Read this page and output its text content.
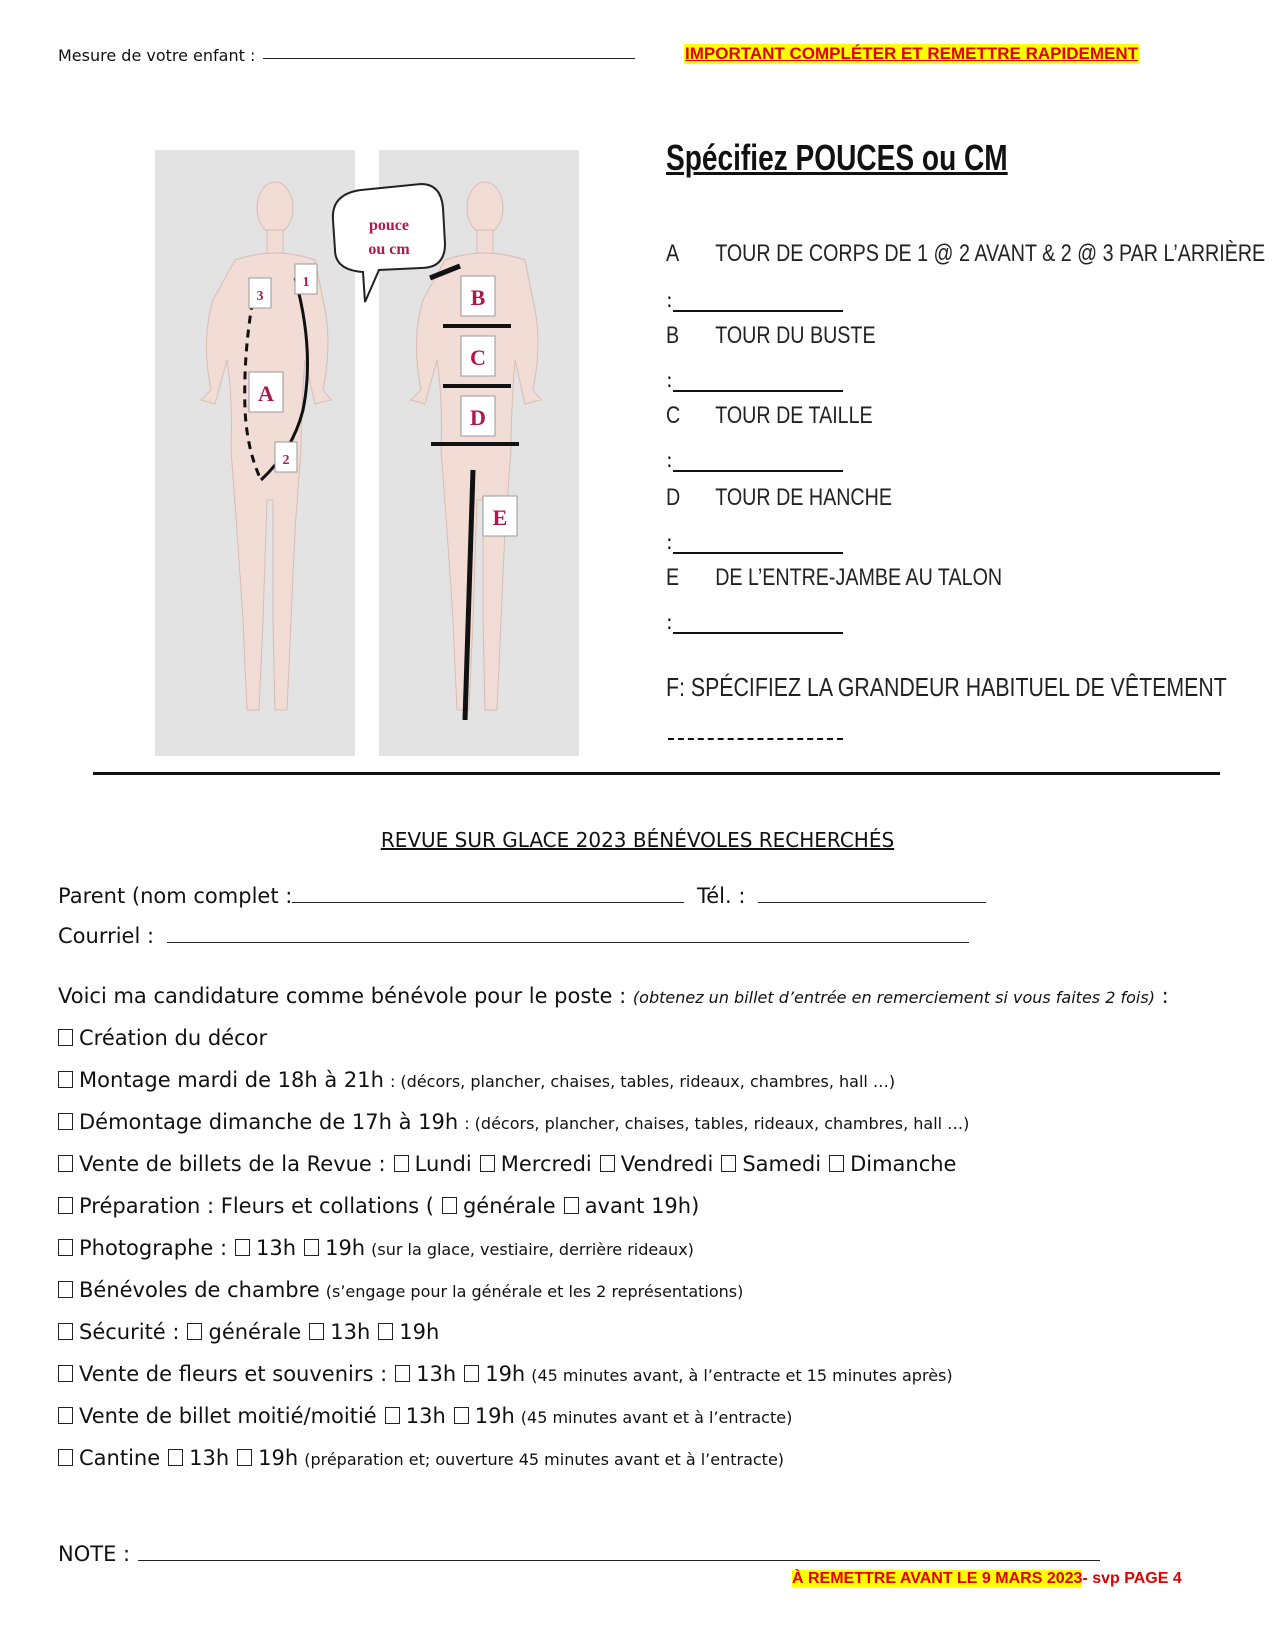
Mesure de votre enfant :	IMPORTANT COMPLÉTER ET REMETTRE RAPIDEMENT
pouce
ou cm
3
1
A
2
B
C
D
E
Spécifiez POUCES ou CM
A TOUR DE CORPS DE 1 @ 2 AVANT & 2 @ 3 PAR L’ARRIÈRE
:
B TOUR DU BUSTE
:
C TOUR DE TAILLE
:
D TOUR DE HANCHE
:
E DE L’ENTRE-JAMBE AU TALON
:
F: SPÉCIFIEZ LA GRANDEUR HABITUEL DE VÊTEMENT
REVUE SUR GLACE 2023 BÉNÉVOLES RECHERCHÉS
Parent (nom complet :	Tél. :
Courriel :
Voici ma candidature comme bénévole pour le poste : (obtenez un billet d’entrée en remerciement si vous faites 2 fois) :
Création du décor
Montage mardi de 18h à 21h : (décors, plancher, chaises, tables, rideaux, chambres, hall …)
Démontage dimanche de 17h à 19h : (décors, plancher, chaises, tables, rideaux, chambres, hall …)
Vente de billets de la Revue : Lundi Mercredi Vendredi Samedi Dimanche
Préparation : Fleurs et collations ( générale avant 19h)
Photographe : 13h 19h (sur la glace, vestiaire, derrière rideaux)
Bénévoles de chambre (s’engage pour la générale et les 2 représentations)
Sécurité : générale 13h 19h
Vente de fleurs et souvenirs : 13h 19h (45 minutes avant, à l’entracte et 15 minutes après)
Vente de billet moitié/moitié 13h 19h (45 minutes avant et à l’entracte)
Cantine 13h 19h (préparation et; ouverture 45 minutes avant et à l’entracte)
NOTE :
À REMETTRE AVANT LE 9 MARS 2023- svp PAGE 4
